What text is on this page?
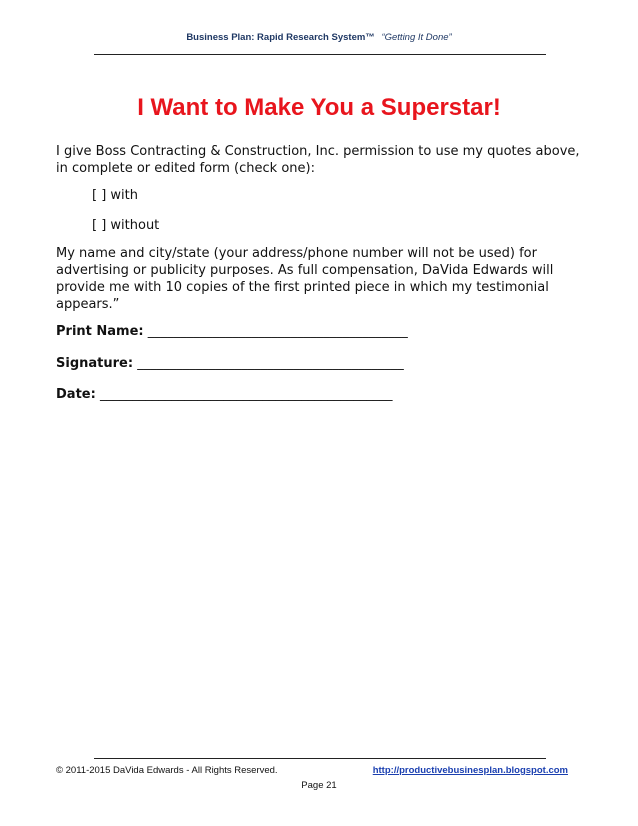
Business Plan: Rapid Research System™ “Getting It Done”
I Want to Make You a Superstar!

I give Boss Contracting & Construction, Inc. permission to use my quotes above, in complete or edited form (check one):

[ ] with
[ ] without

My name and city/state (your address/phone number will not be used) for advertising or publicity purposes. As full compensation, DaVida Edwards will provide me with 10 copies of the first printed piece in which my testimonial appears.”

Print Name: ________________________________________
Signature: _________________________________________
Date: _____________________________________________
© 2011-2015 DaVida Edwards - All Rights Reserved.	http://productivebusinesplan.blogspot.com
Page 21
